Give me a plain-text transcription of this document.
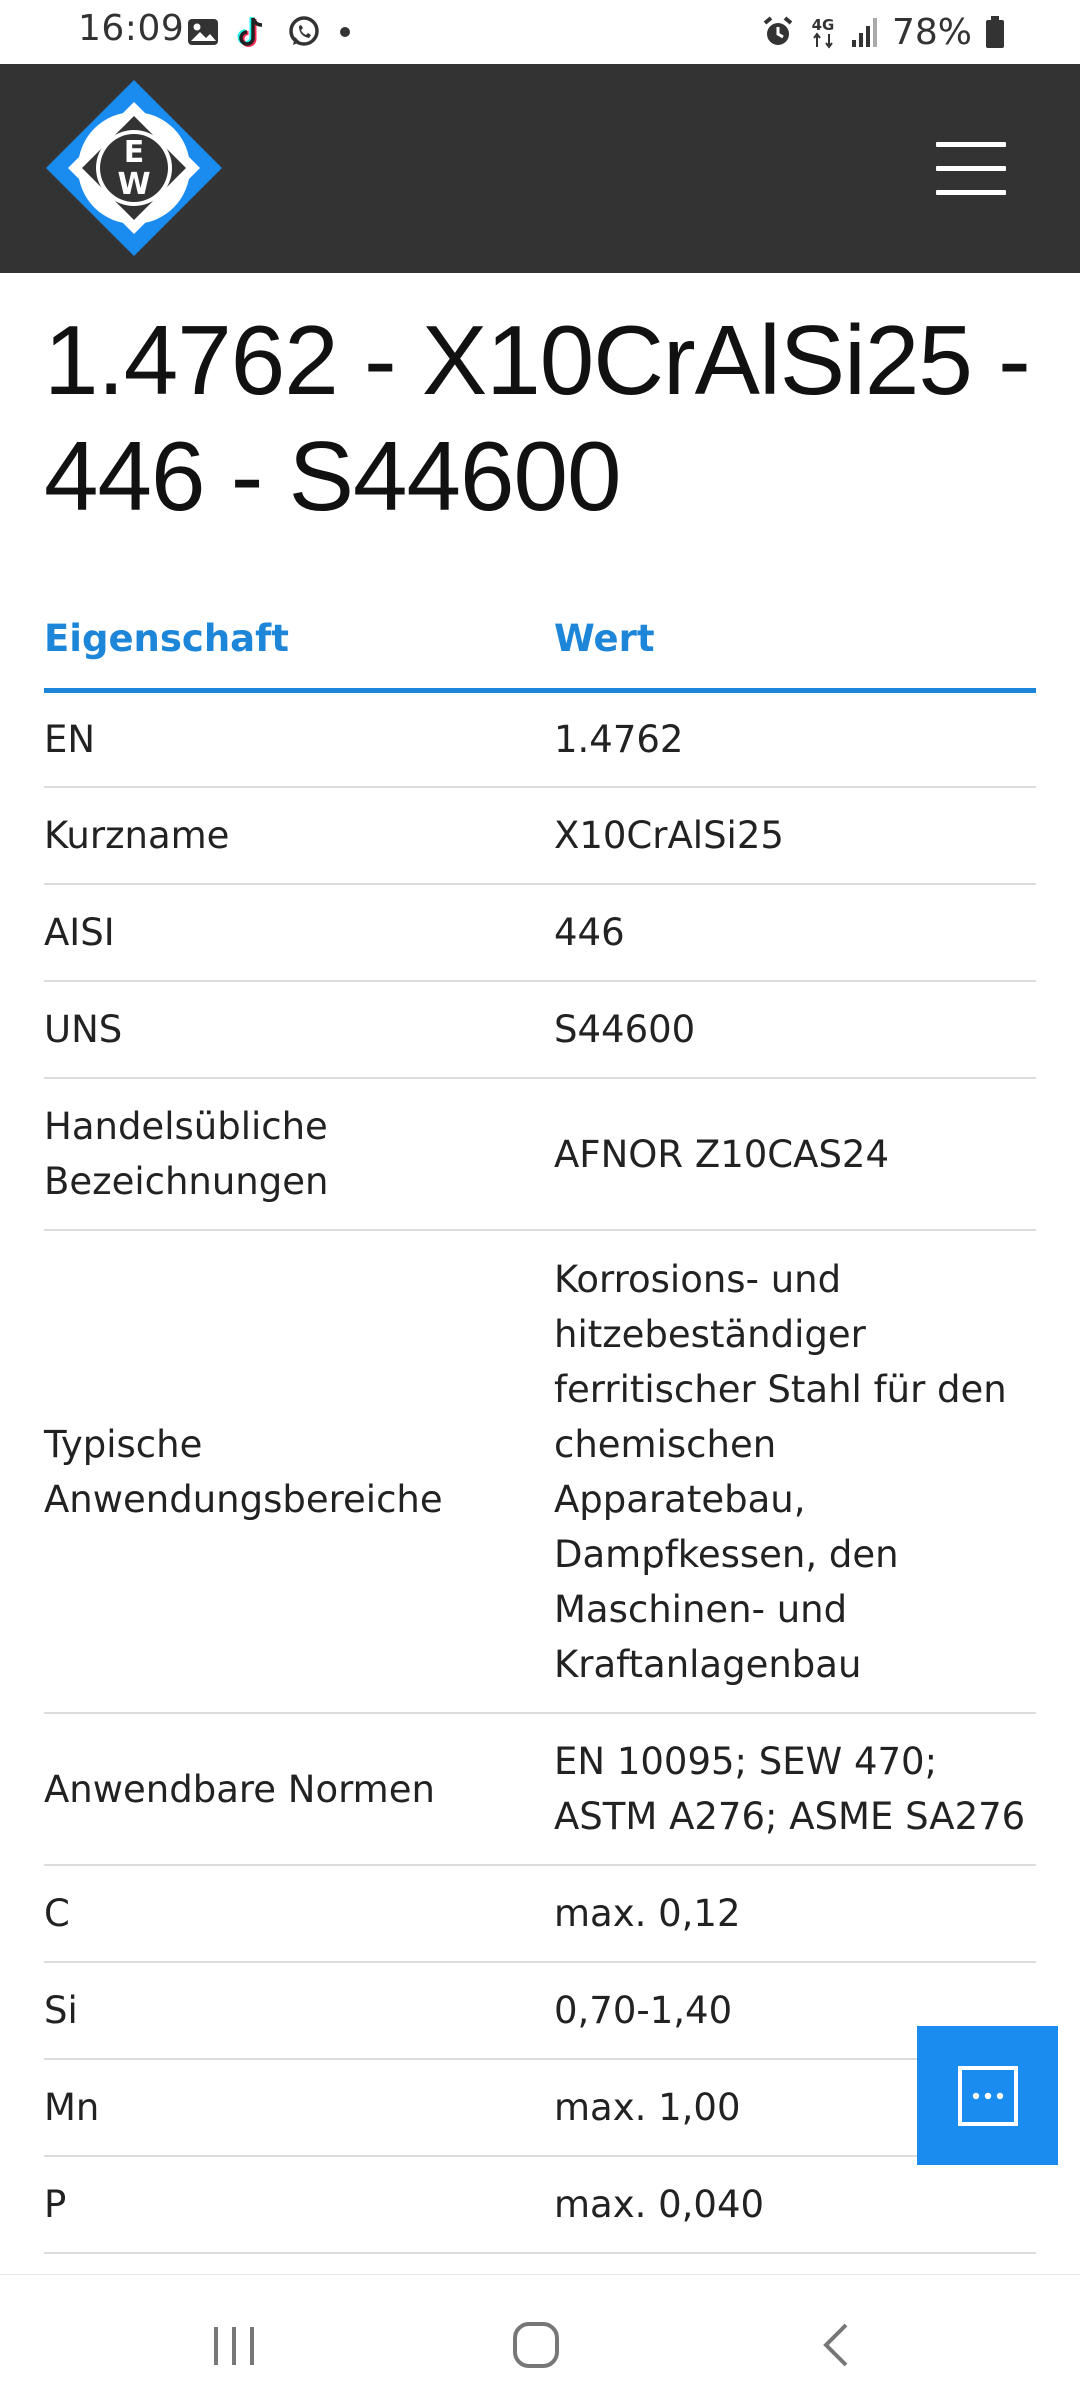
16:09	4G 78%
E
W
1.4762 - X10CrAlSi25 -
446 - S44600
Eigenschaft	Wert
EN	1.4762
Kurzname	X10CrAlSi25
AISI	446
UNS	S44600
Handelsübliche Bezeichnungen	AFNOR Z10CAS24
Typische Anwendungsbereiche	Korrosions- und hitzebeständiger ferritischer Stahl für den chemischen Apparatebau, Dampfkessen, den Maschinen- und Kraftanlagenbau
Anwendbare Normen	EN 10095; SEW 470; ASTM A276; ASME SA276
C	max. 0,12
Si	0,70-1,40
Mn	max. 1,00
P	max. 0,040
